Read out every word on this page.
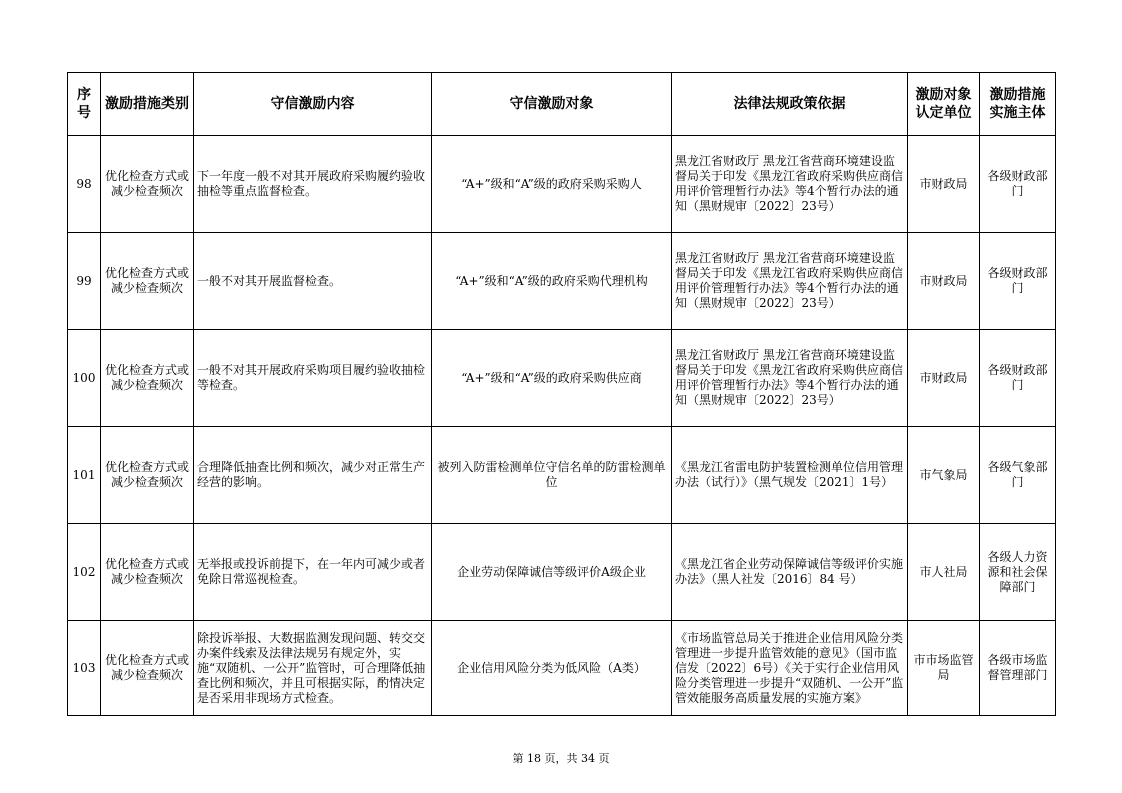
序号	激励措施类别	守信激励内容	守信激励对象	法律法规政策依据	激励对象认定单位	激励措施实施主体
98	优化检查方式或减少检查频次	下一年度一般不对其开展政府采购履约验收抽检等重点监督检查。	“A+”级和“A”级的政府采购采购人	黑龙江省财政厅 黑龙江省营商环境建设监督局关于印发《黑龙江省政府采购供应商信用评价管理暂行办法》等4个暂行办法的通知（黑财规审〔2022〕23号）	市财政局	各级财政部门
99	优化检查方式或减少检查频次	一般不对其开展监督检查。	“A+”级和“A”级的政府采购代理机构	黑龙江省财政厅 黑龙江省营商环境建设监督局关于印发《黑龙江省政府采购供应商信用评价管理暂行办法》等4个暂行办法的通知（黑财规审〔2022〕23号）	市财政局	各级财政部门
100	优化检查方式或减少检查频次	一般不对其开展政府采购项目履约验收抽检等检查。	“A+”级和“A”级的政府采购供应商	黑龙江省财政厅 黑龙江省营商环境建设监督局关于印发《黑龙江省政府采购供应商信用评价管理暂行办法》等4个暂行办法的通知（黑财规审〔2022〕23号）	市财政局	各级财政部门
101	优化检查方式或减少检查频次	合理降低抽查比例和频次，减少对正常生产经营的影响。	被列入防雷检测单位守信名单的防雷检测单位	《黑龙江省雷电防护装置检测单位信用管理办法（试行）》（黑气规发〔2021〕1号）	市气象局	各级气象部门
102	优化检查方式或减少检查频次	无举报或投诉前提下，在一年内可减少或者免除日常巡视检查。	企业劳动保障诚信等级评价A级企业	《黑龙江省企业劳动保障诚信等级评价实施办法》（黑人社发〔2016〕84 号）	市人社局	各级人力资源和社会保障部门
103	优化检查方式或减少检查频次	除投诉举报、大数据监测发现问题、转交交办案件线索及法律法规另有规定外，实施“双随机、一公开”监管时，可合理降低抽查比例和频次，并且可根据实际，酌情决定是否采用非现场方式检查。	企业信用风险分类为低风险（A类）	《市场监管总局关于推进企业信用风险分类管理进一步提升监管效能的意见》（国市监信发〔2022〕6号）《关于实行企业信用风险分类管理进一步提升“双随机、一公开”监管效能服务高质量发展的实施方案》	市市场监管局	各级市场监督管理部门
第 18 页，共 34 页
